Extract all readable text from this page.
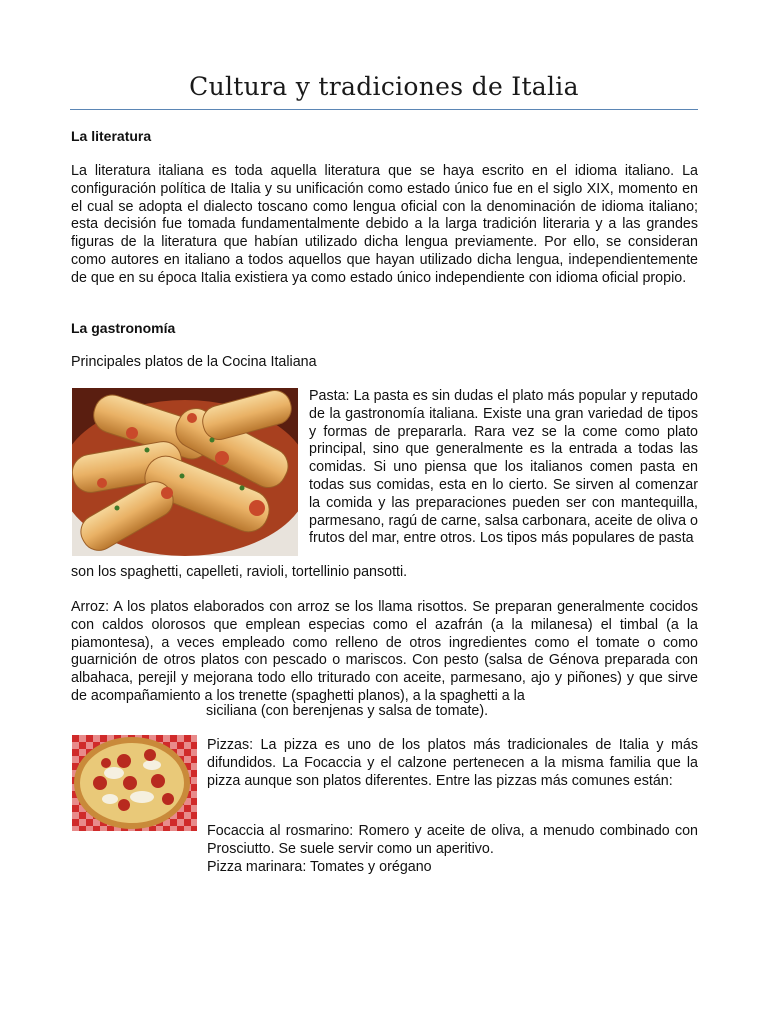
Cultura y tradiciones de Italia
La literatura

La literatura italiana es toda aquella literatura que se haya escrito en el idioma italiano. La configuración política de Italia y su unificación como estado único fue en el siglo XIX, momento en el cual se adopta el dialecto toscano como lengua oficial con la denominación de idioma italiano; esta decisión fue tomada fundamentalmente debido a la larga tradición literaria y a las grandes figuras de la literatura que habían utilizado dicha lengua previamente. Por ello, se consideran como autores en italiano a todos aquellos que hayan utilizado dicha lengua, independientemente de que en su época Italia existiera ya como estado único independiente con idioma oficial propio.

La gastronomía
Principales platos de la Cocina Italiana

Pasta: La pasta es sin dudas el plato más popular y reputado de la gastronomía italiana. Existe una gran variedad de tipos y formas de prepararla. Rara vez se la come como plato principal, sino que generalmente es la entrada a todas las comidas. Si uno piensa que los italianos comen pasta en todas sus comidas, esta en lo cierto. Se sirven al comenzar la comida y las preparaciones pueden ser con mantequilla, parmesano, ragú de carne, salsa carbonara, aceite de oliva o frutos del mar, entre otros. Los tipos más populares de pasta

son los spaghetti, capelleti, ravioli, tortellinio pansotti.

Arroz: A los platos elaborados con arroz se los llama risottos. Se preparan generalmente cocidos con caldos olorosos que emplean especias como el azafrán (a la milanesa) el timbal (a la piamontesa), a veces empleado como relleno de otros ingredientes como el tomate o como guarnición de otros platos con pescado o mariscos. Con pesto (salsa de Génova preparada con albahaca, perejil y mejorana todo ello triturado con aceite, parmesano, ajo y piñones) y que sirve de acompañamiento a los trenette (spaghetti planos), a la spaghetti a la

siciliana (con berenjenas y salsa de tomate).

Pizzas: La pizza es uno de los platos más tradicionales de Italia y más difundidos. La Focaccia y el calzone pertenecen a la misma familia que la pizza aunque son platos diferentes. Entre las pizzas más comunes están:

Focaccia al rosmarino: Romero y aceite de oliva, a menudo combinado con Prosciutto. Se suele servir como un aperitivo.

Pizza marinara: Tomates y orégano
